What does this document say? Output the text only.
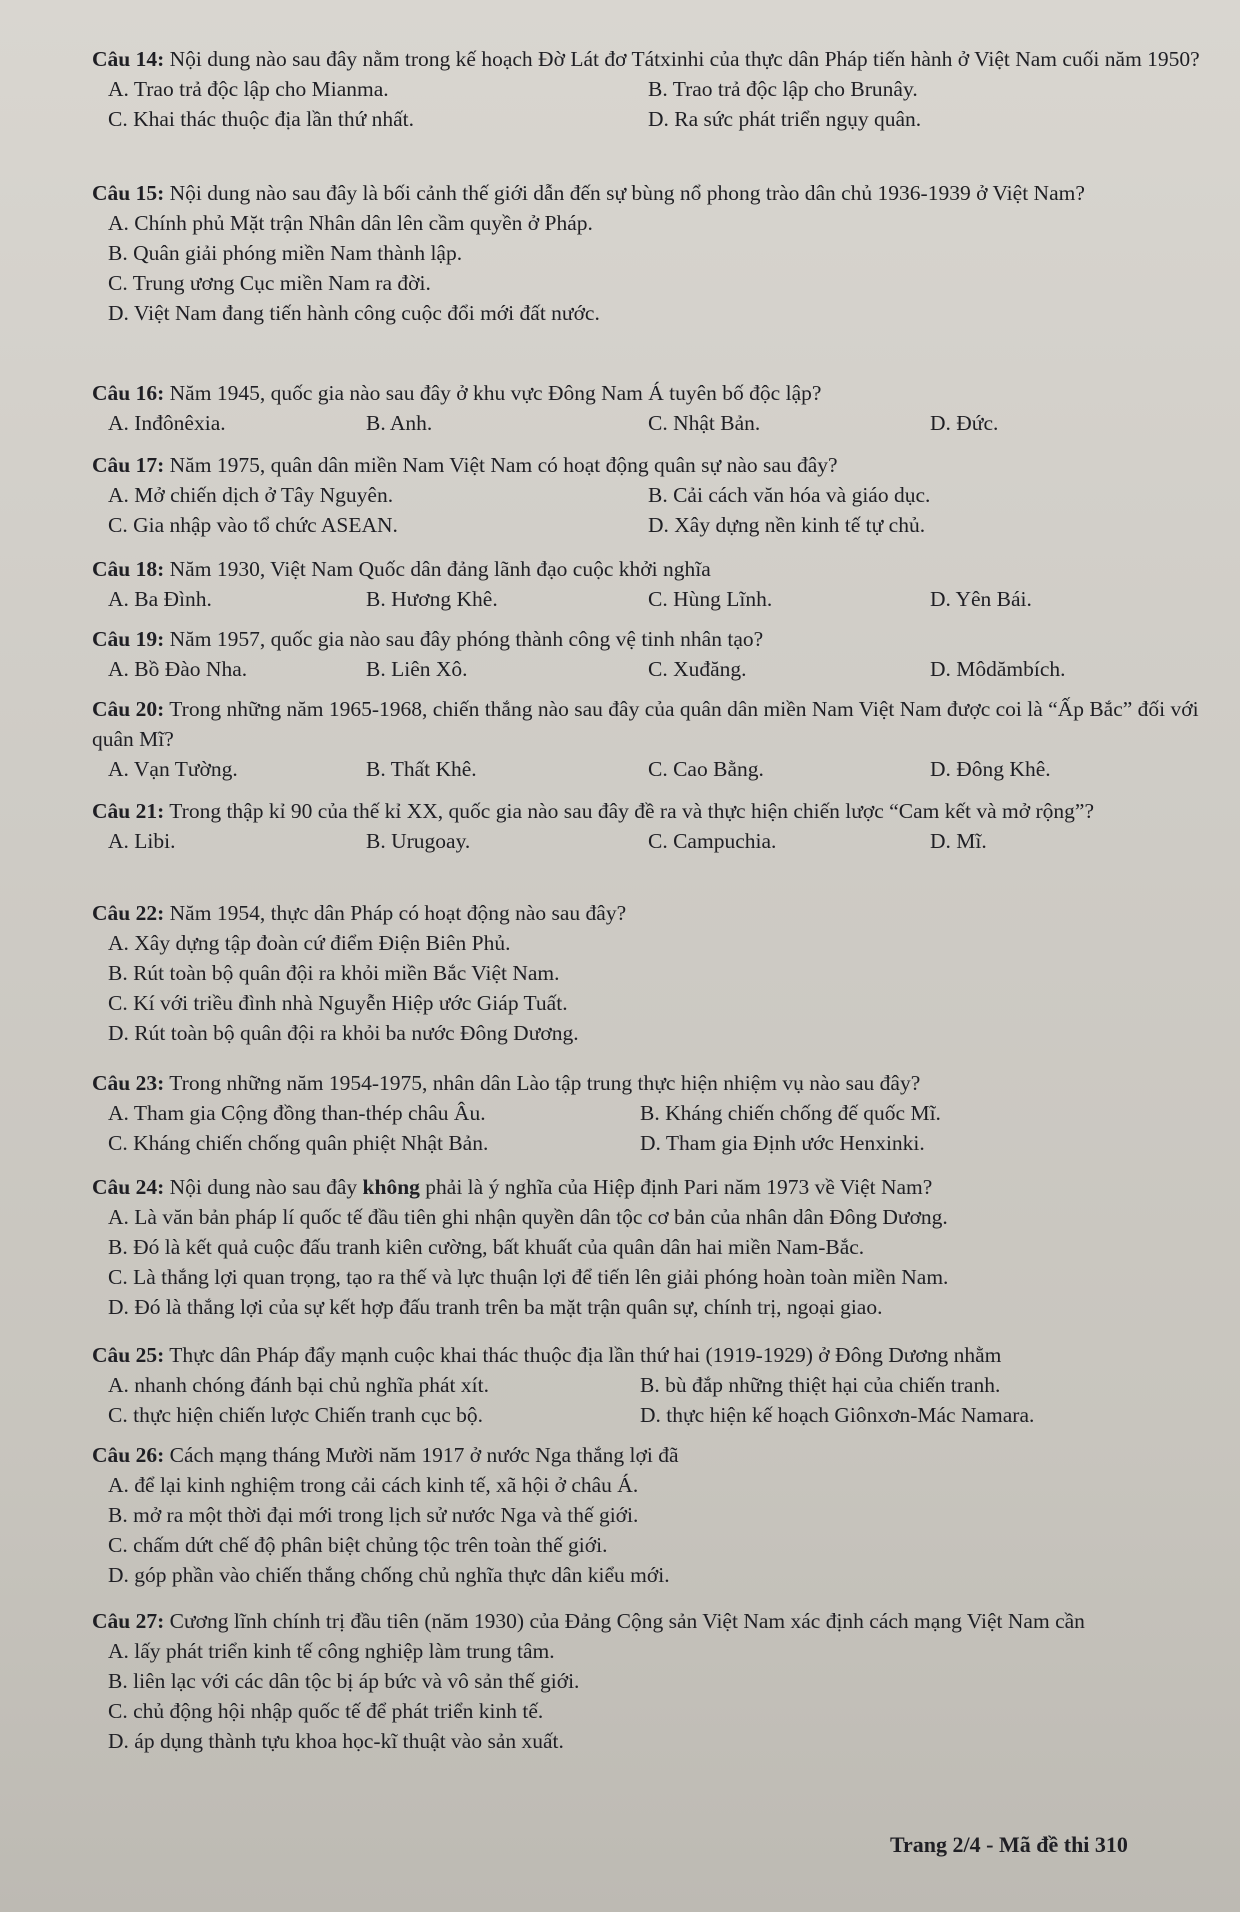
Câu 14: Nội dung nào sau đây nằm trong kế hoạch Đờ Lát đơ Tátxinhi của thực dân Pháp tiến hành ở Việt Nam cuối năm 1950?

A. Trao trả độc lập cho Mianma.	B. Trao trả độc lập cho Brunây.
C. Khai thác thuộc địa lần thứ nhất.	D. Ra sức phát triển ngụy quân.

Câu 15: Nội dung nào sau đây là bối cảnh thế giới dẫn đến sự bùng nổ phong trào dân chủ 1936-1939 ở Việt Nam?

A. Chính phủ Mặt trận Nhân dân lên cầm quyền ở Pháp.
B. Quân giải phóng miền Nam thành lập.
C. Trung ương Cục miền Nam ra đời.
D. Việt Nam đang tiến hành công cuộc đổi mới đất nước.

Câu 16: Năm 1945, quốc gia nào sau đây ở khu vực Đông Nam Á tuyên bố độc lập?

A. Inđônêxia.	B. Anh.	C. Nhật Bản.	D. Đức.

Câu 17: Năm 1975, quân dân miền Nam Việt Nam có hoạt động quân sự nào sau đây?

A. Mở chiến dịch ở Tây Nguyên.	B. Cải cách văn hóa và giáo dục.
C. Gia nhập vào tổ chức ASEAN.	D. Xây dựng nền kinh tế tự chủ.

Câu 18: Năm 1930, Việt Nam Quốc dân đảng lãnh đạo cuộc khởi nghĩa

A. Ba Đình.	B. Hương Khê.	C. Hùng Lĩnh.	D. Yên Bái.

Câu 19: Năm 1957, quốc gia nào sau đây phóng thành công vệ tinh nhân tạo?

A. Bồ Đào Nha.	B. Liên Xô.	C. Xuđăng.	D. Môdămbích.

Câu 20: Trong những năm 1965-1968, chiến thắng nào sau đây của quân dân miền Nam Việt Nam được coi là “Ấp Bắc” đối với quân Mĩ?

A. Vạn Tường.	B. Thất Khê.	C. Cao Bằng.	D. Đông Khê.

Câu 21: Trong thập kỉ 90 của thế kỉ XX, quốc gia nào sau đây đề ra và thực hiện chiến lược “Cam kết và mở rộng”?

A. Libi.	B. Urugoay.	C. Campuchia.	D. Mĩ.

Câu 22: Năm 1954, thực dân Pháp có hoạt động nào sau đây?

A. Xây dựng tập đoàn cứ điểm Điện Biên Phủ.
B. Rút toàn bộ quân đội ra khỏi miền Bắc Việt Nam.
C. Kí với triều đình nhà Nguyễn Hiệp ước Giáp Tuất.
D. Rút toàn bộ quân đội ra khỏi ba nước Đông Dương.

Câu 23: Trong những năm 1954-1975, nhân dân Lào tập trung thực hiện nhiệm vụ nào sau đây?

A. Tham gia Cộng đồng than-thép châu Âu.	B. Kháng chiến chống đế quốc Mĩ.
C. Kháng chiến chống quân phiệt Nhật Bản.	D. Tham gia Định ước Henxinki.

Câu 24: Nội dung nào sau đây không phải là ý nghĩa của Hiệp định Pari năm 1973 về Việt Nam?

A. Là văn bản pháp lí quốc tế đầu tiên ghi nhận quyền dân tộc cơ bản của nhân dân Đông Dương.
B. Đó là kết quả cuộc đấu tranh kiên cường, bất khuất của quân dân hai miền Nam-Bắc.
C. Là thắng lợi quan trọng, tạo ra thế và lực thuận lợi để tiến lên giải phóng hoàn toàn miền Nam.
D. Đó là thắng lợi của sự kết hợp đấu tranh trên ba mặt trận quân sự, chính trị, ngoại giao.

Câu 25: Thực dân Pháp đẩy mạnh cuộc khai thác thuộc địa lần thứ hai (1919-1929) ở Đông Dương nhằm

A. nhanh chóng đánh bại chủ nghĩa phát xít.	B. bù đắp những thiệt hại của chiến tranh.
C. thực hiện chiến lược Chiến tranh cục bộ.	D. thực hiện kế hoạch Giônxơn-Mác Namara.

Câu 26: Cách mạng tháng Mười năm 1917 ở nước Nga thắng lợi đã

A. để lại kinh nghiệm trong cải cách kinh tế, xã hội ở châu Á.
B. mở ra một thời đại mới trong lịch sử nước Nga và thế giới.
C. chấm dứt chế độ phân biệt chủng tộc trên toàn thế giới.
D. góp phần vào chiến thắng chống chủ nghĩa thực dân kiểu mới.

Câu 27: Cương lĩnh chính trị đầu tiên (năm 1930) của Đảng Cộng sản Việt Nam xác định cách mạng Việt Nam cần

A. lấy phát triển kinh tế công nghiệp làm trung tâm.
B. liên lạc với các dân tộc bị áp bức và vô sản thế giới.
C. chủ động hội nhập quốc tế để phát triển kinh tế.
D. áp dụng thành tựu khoa học-kĩ thuật vào sản xuất.
Trang 2/4 - Mã đề thi 310
